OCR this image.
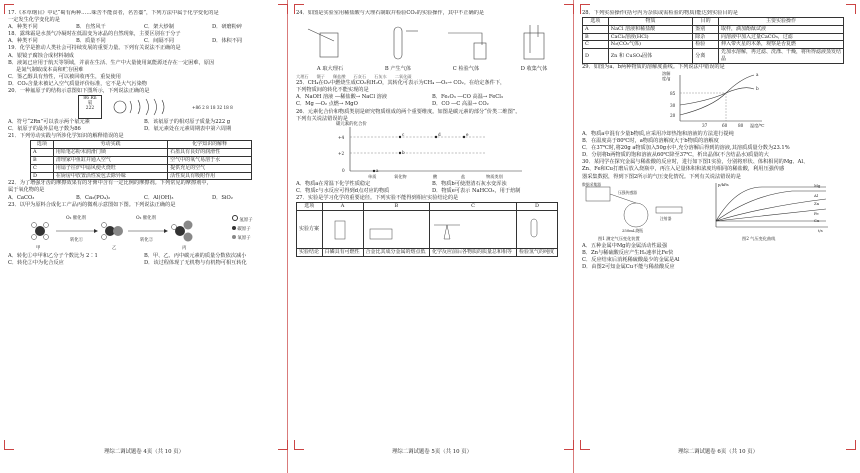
17.《本草纲目》中记“蜀有两种……味苦不能食者，名苦薹”，下列方法中属于化学变化的是

一定发生化学变化的是

A．种类不同	B．自然风干	C．架大炒制	D．研磨粉碎

18．露珠霜是水蒸气冷凝时在低温变为冰晶的自然现象，主要区别在于分子

A．种类不同	B．质量不同	C．间隔不同	D．体积不同

19．化学是推动人类社会可持续发展的重要力量。下列有关说法不正确的是

A．银镜子腐蚀合成材料制成

B．液氮已应用于航天等领域，并前在生活、生产中大量使用氮能源还存在一定困难，原因

是氮气制取成本高和贮存困难

C．鉴乙醇具有热性，可以被回收再生，重复使用

D．CO₂含量未被记入空气质量评价标准，它不是大气污染物

20．一种氟原子的结构示意图如下图所示，下列说法正确的是

86 Rn
氡
222	+86 2 8 18 32 18 8
A．符号“2Rn”可以表示两个氡元素	B．该氡原子的相对原子质量为222 g
C．氡原子的最外层电子数为86	D．氡元素处在元素周期表中第六周期

21．下列劳动实践与所涉化学知识的解释错误的是

选项	劳动实践	化学知识的解释
A	用铅笔芯粉末润滑门锁	石墨具有良好的润滑性
B	清理家中鱼缸并通入空气	空气中的氧气易溶于水
C	用扇子往炉中扇风使火烧旺	提供充足的空气
D	在厨房中放置活性炭包去除异味	活性炭具有吸附作用

22．为了增强牙齿的摩擦效果有的牙膏中含有一定比例的摩擦剂。下列常见的摩擦剂中，

属于氧化物的是

A．CaCO₃	B．Ca₃(PO₄)₂	C．Al(OH)₃	D．SiO₂

23．以甲为原料合成化工产品丙的微观示意图如下图。下列说法正确的是

O₂ 催化剂	O₂ 催化剂
转化①	转化②
甲	乙	丙
氢原子
碳原子
氧原子
A．转化①中甲和乙分子个数比为 2∶1	B．甲、乙、丙中碳元素的质量分数依次减小
C．转化②中为化合反应	D．该过程体现了无机物与有机物可相互转化
理综二调试题卷 4页（共 10 页）

24．如图是实验室用稀盐酸与大理石制取并检验CO₂的实验操作，其中不正确的是

A 取大理石	B 产生气体	C 检验气体	D 收集气体
大理石 镊子 稀盐酸 石灰石 石灰水 二氧化碳

25．CH₄在O₂中燃烧生成CO₂和H₂O，其转化可表示为CH₄ ―O₂→ CO₂。在给定条件下，

下列物质间的转化不能实现的是

A．NaOH 溶液 ―稀盐酸→ NaCl 溶液	B．Fe₂O₃ ―CO 高温→ FeCl₃
C．Mg ―O₂ 点燃→ MgO	D．CO ―C 高温→ CO₂

26．元素化合价和物质类别是研究物质组成的两个重要维度。如图是碳元素的部分“价类二维图”。

下列有关说法错误的是

碳元素的化合价
+4
+2
0	a
b
c	d	e
单质	氧化物	酸	盐	物质类别
A．物质a在常温下化学性质稳定	B．物质b可使澄清石灰水变浑浊
C．物质c与水反应可得到d点对应的物质	D．物质e可表示 NaHCO₃，用于焙制

27．实验是学习化学的重要途径。下列实验不能得到相应实验结论的是

选项	A	B	C	D
实验方案				
实验结论	白磷具有可燃性	合金比其成分金属的熔点低	化学反应前后各物质的质量总和相等	检验氢气的纯度
理综二调试题卷 5页（共 10 页）

28．下列实验操作(括号内为杂质或需检验的物质)能达到实验目的是

选项	物质	目的	主要实验操作
A	NaCl 溶液和稀盐酸	鉴别	取样，滴加酚酞试液
B	CaCl₂溶液(HCl)	除杂	向溶液中加入过量CaCO₃，过滤
C	N₂(CO₂气体)	检验	伸入带火星的木条，观察是否复燃
D	Zn 和 CuSO₄固体	分离	先加水溶解，再过滤、洗涤、干燥，将所得滤液蒸发结晶

29．如图为a、b两种物质的溶解度曲线。下列说法中错误的是

溶解度/g
85
30
20
37	60	80 温度/℃
a
b

A．物质a中混有少量b物质,应采用冷却热饱和溶液的方法进行提纯

B．在温度高于80℃时，a物质的溶解度大于b物质的溶解度

C．在37℃时,将20g a物质加入50g水中,充分溶解后得到的溶液,其溶质质量分数为23.1%

D．分别将b两物质的饱和溶液从60℃降至37℃，析出晶体(不含结晶水)质量的大

30．某同学在探究金属与稀盐酸的反应时，进行如下图1实验，分别将形状、体积相同的Mg、Al、

Zn、Fe和Cu打磨后放入烧瓶中，再注入足量体积和浓度均相同的稀盐酸，利用压强传感

器采集数据，得到下图2所示的气压变化情况。下列有关说法错误的是

数据采集器
压强传感器
250mL烧瓶
注射器
图1 测定气压变化装置
p/kPa
t/s
Mg
Al
Zn
Fe
Cu
图2 气压变化曲线
A．五种金属中Mg的金属活动性最强

B．Zn与稀硫酸反应产生H₂速率比Fe快

C．反应结束后消耗稀硫酸最少的金属是Al

D．由图2可知金属Cu不能与稀盐酸反应

理综二调试题卷 6页（共 10 页）
